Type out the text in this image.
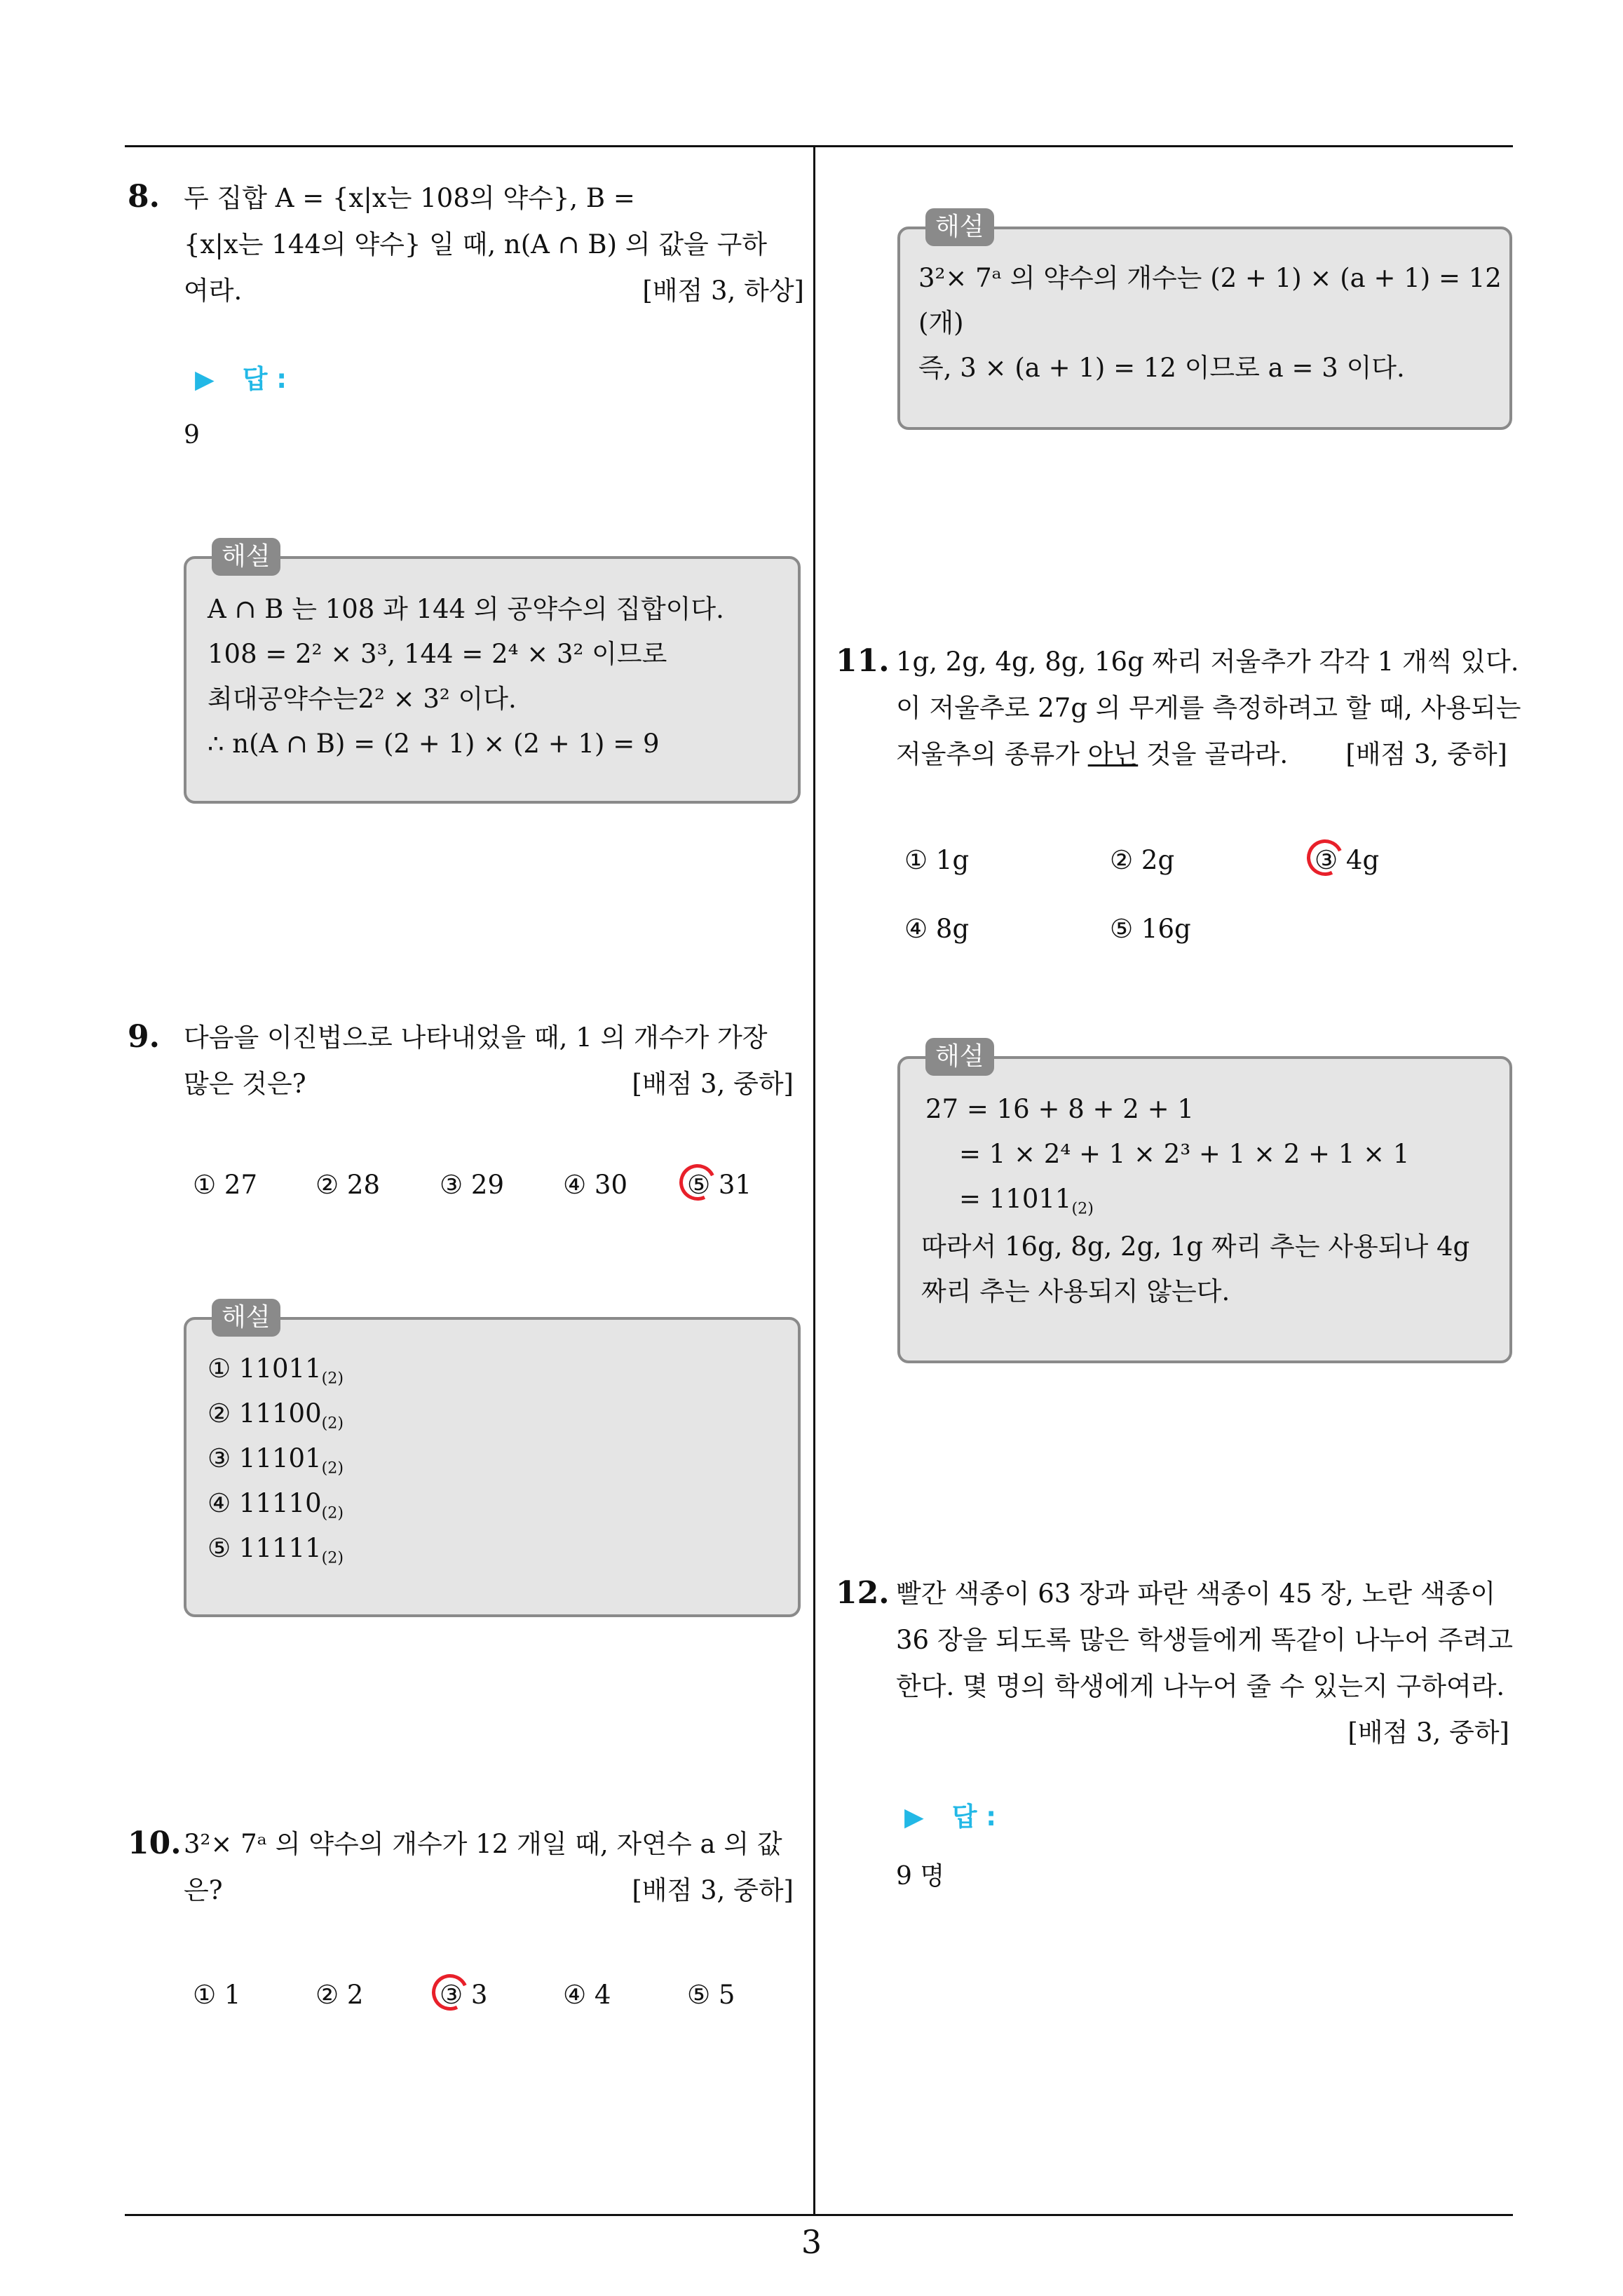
8. 두 집합 A = {x|x는 108의 약수}, B =
{x|x는 144의 약수} 일 때, n(A ∩ B) 의 값을 구하
여라.	[배점 3, 하상]
▶ 답 :
9
해설
A ∩ B 는 108 과 144 의 공약수의 집합이다.
108 = 2² × 3³, 144 = 2⁴ × 3² 이므로
최대공약수는2² × 3² 이다.
∴ n(A ∩ B) = (2 + 1) × (2 + 1) = 9
9. 다음을 이진법으로 나타내었을 때, 1 의 개수가 가장
많은 것은?	[배점 3, 중하]
① 27 ② 28 ③ 29 ④ 30 ⑤ 31
해설
① $11011_{(2)}$
② $11100_{(2)}$
③ $11101_{(2)}$
④ $11110_{(2)}$
⑤ $11111_{(2)}$
10. 3²× 7ᵃ 의 약수의 개수가 12 개일 때, 자연수 a 의 값
은?	[배점 3, 중하]
① 1	② 2	③ 3	④ 4	⑤ 5
해설
3²× 7ᵃ 의 약수의 개수는 (2 + 1) × (a + 1) = 12
(개)
즉, 3 × (a + 1) = 12 이므로 a = 3 이다.
11. 1g, 2g, 4g, 8g, 16g 짜리 저울추가 각각 1 개씩 있다.
이 저울추로 27g 의 무게를 측정하려고 할 때, 사용되는
저울추의 종류가 아닌 것을 골라라. [배점 3, 중하]
① 1g	② 2g	③ 4g
④ 8g	⑤ 16g
해설
27 = 16 + 8 + 2 + 1
= 1 × 2⁴ + 1 × 2³ + 1 × 2 + 1 × 1
= $11011_{(2)}$
따라서 16g, 8g, 2g, 1g 짜리 추는 사용되나 4g
짜리 추는 사용되지 않는다.
12. 빨간 색종이 63 장과 파란 색종이 45 장, 노란 색종이
36 장을 되도록 많은 학생들에게 똑같이 나누어 주려고
한다. 몇 명의 학생에게 나누어 줄 수 있는지 구하여라.
[배점 3, 중하]
▶ 답 :
9 명
3
